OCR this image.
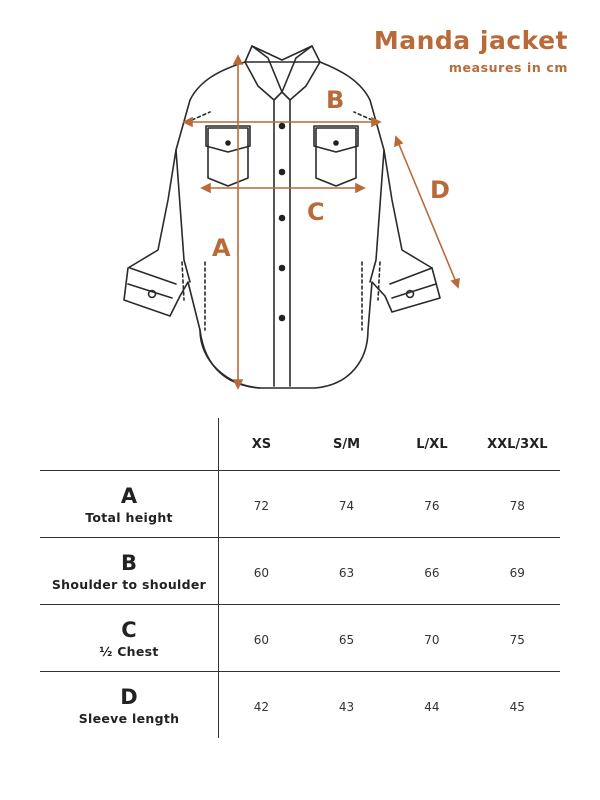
Manda jacket
measures in cm
A
B
C
D
	XS	S/M	L/XL	XXL/3XL

A
Total height	72	74	76	78

B
Shoulder to shoulder	60	63	66	69

C
½ Chest	60	65	70	75

D
Sleeve length	42	43	44	45
